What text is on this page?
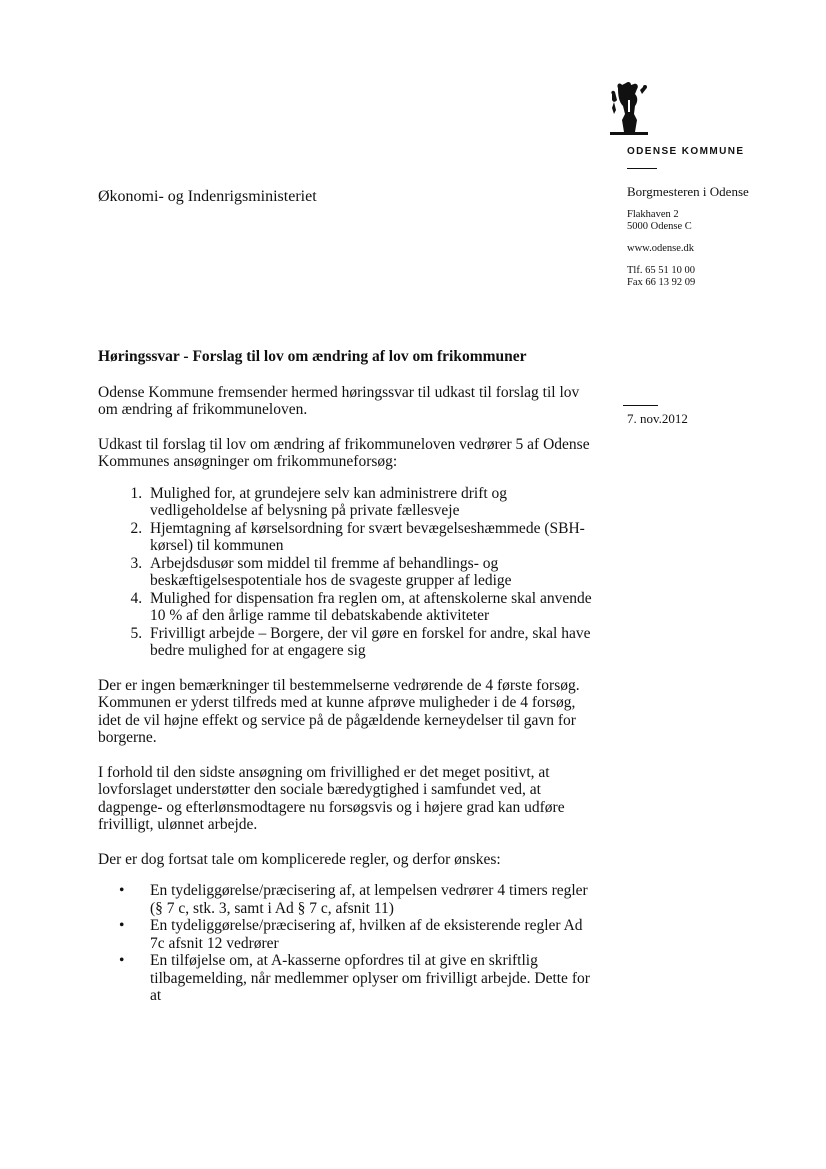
ODENSE KOMMUNE
Økonomi- og Indenrigsministeriet	Borgmesteren i Odense
Flakhaven 2
5000 Odense C
www.odense.dk
Tlf. 65 51 10 00
Fax 66 13 92 09
7. nov.2012
Høringssvar - Forslag til lov om ændring af lov om frikommuner

Odense Kommune fremsender hermed høringssvar til udkast til forslag til lov om ændring af frikommuneloven.

Udkast til forslag til lov om ændring af frikommuneloven vedrører 5 af Odense Kommunes ansøgninger om frikommuneforsøg:

1. Mulighed for, at grundejere selv kan administrere drift og vedligeholdelse af belysning på private fællesveje
2. Hjemtagning af kørselsordning for svært bevægelseshæmmede (SBH-kørsel) til kommunen
3. Arbejdsdusør som middel til fremme af behandlings- og beskæftigelsespotentiale hos de svageste grupper af ledige
4. Mulighed for dispensation fra reglen om, at aftenskolerne skal anvende 10 % af den årlige ramme til debatskabende aktiviteter
5. Frivilligt arbejde – Borgere, der vil gøre en forskel for andre, skal have bedre mulighed for at engagere sig

Der er ingen bemærkninger til bestemmelserne vedrørende de 4 første forsøg. Kommunen er yderst tilfreds med at kunne afprøve muligheder i de 4 forsøg, idet de vil højne effekt og service på de pågældende kerneydelser til gavn for borgerne.

I forhold til den sidste ansøgning om frivillighed er det meget positivt, at lovforslaget understøtter den sociale bæredygtighed i samfundet ved, at dagpenge- og efterlønsmodtagere nu forsøgsvis og i højere grad kan udføre frivilligt, ulønnet arbejde.

Der er dog fortsat tale om komplicerede regler, og derfor ønskes:

• En tydeliggørelse/præcisering af, at lempelsen vedrører 4 timers regler (§ 7 c, stk. 3, samt i Ad § 7 c, afsnit 11)
• En tydeliggørelse/præcisering af, hvilken af de eksisterende regler Ad 7c afsnit 12 vedrører
• En tilføjelse om, at A-kasserne opfordres til at give en skriftlig tilbagemelding, når medlemmer oplyser om frivilligt arbejde. Dette for at
